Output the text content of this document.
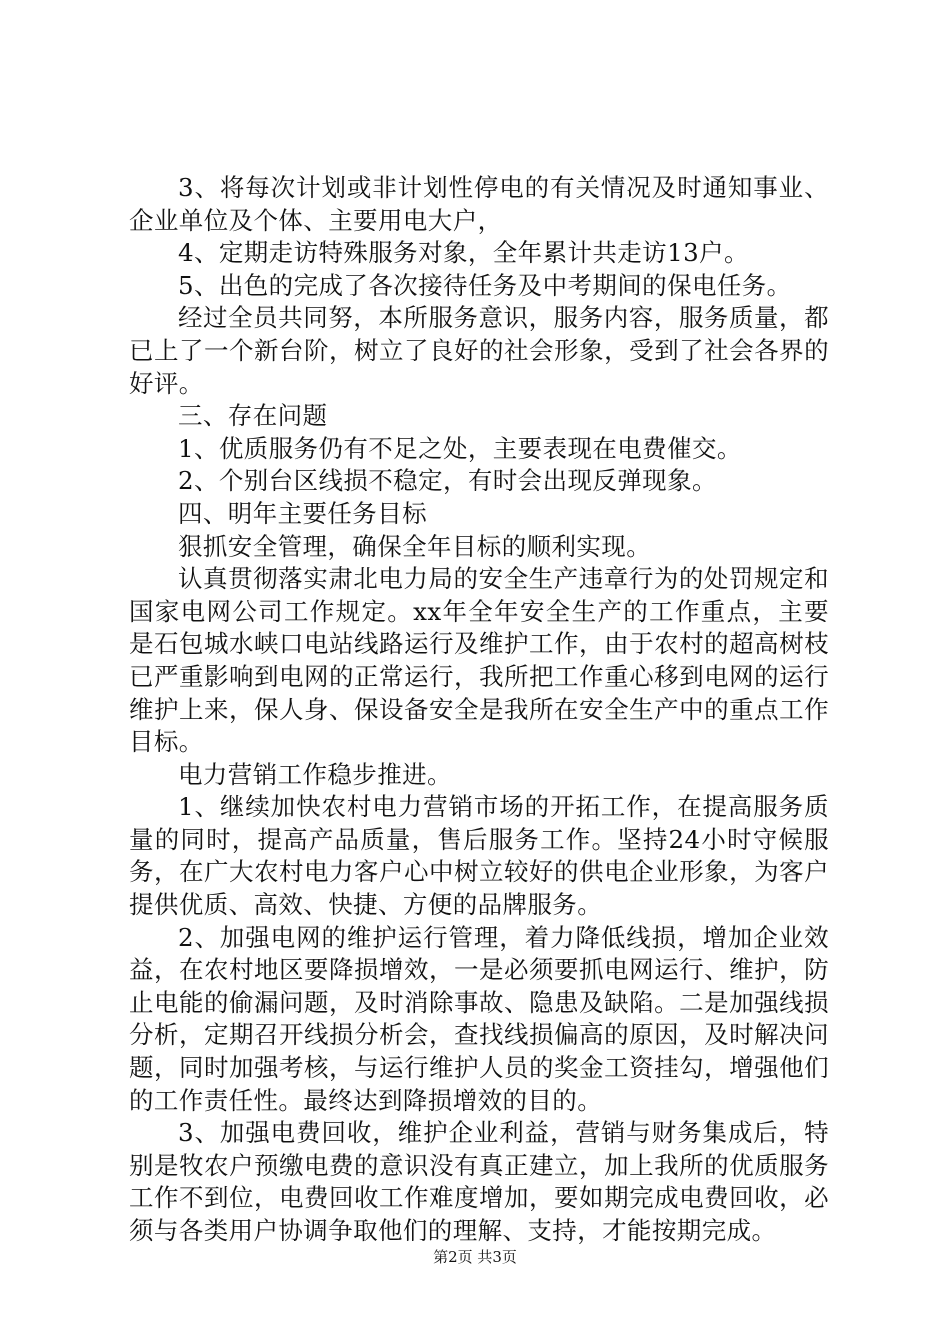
3、将每次计划或非计划性停电的有关情况及时通知事业、企业单位及个体、主要用电大户，

4、定期走访特殊服务对象，全年累计共走访13户。

5、出色的完成了各次接待任务及中考期间的保电任务。

经过全员共同努，本所服务意识，服务内容，服务质量，都已上了一个新台阶，树立了良好的社会形象，受到了社会各界的好评。

三、存在问题

1、优质服务仍有不足之处，主要表现在电费催交。

2、个别台区线损不稳定，有时会出现反弹现象。

四、明年主要任务目标

狠抓安全管理，确保全年目标的顺利实现。

认真贯彻落实肃北电力局的安全生产违章行为的处罚规定和国家电网公司工作规定。xx年全年安全生产的工作重点，主要是石包城水峡口电站线路运行及维护工作，由于农村的超高树枝已严重影响到电网的正常运行，我所把工作重心移到电网的运行维护上来，保人身、保设备安全是我所在安全生产中的重点工作目标。

电力营销工作稳步推进。

1、继续加快农村电力营销市场的开拓工作，在提高服务质量的同时，提高产品质量，售后服务工作。坚持24小时守候服务，在广大农村电力客户心中树立较好的供电企业形象，为客户提供优质、高效、快捷、方便的品牌服务。

2、加强电网的维护运行管理，着力降低线损，增加企业效益，在农村地区要降损增效，一是必须要抓电网运行、维护，防止电能的偷漏问题，及时消除事故、隐患及缺陷。二是加强线损分析，定期召开线损分析会，查找线损偏高的原因，及时解决问题，同时加强考核，与运行维护人员的奖金工资挂勾，增强他们的工作责任性。最终达到降损增效的目的。

3、加强电费回收，维护企业利益，营销与财务集成后，特别是牧农户预缴电费的意识没有真正建立，加上我所的优质服务工作不到位，电费回收工作难度增加，要如期完成电费回收，必须与各类用户协调争取他们的理解、支持，才能按期完成。

第2页 共3页
